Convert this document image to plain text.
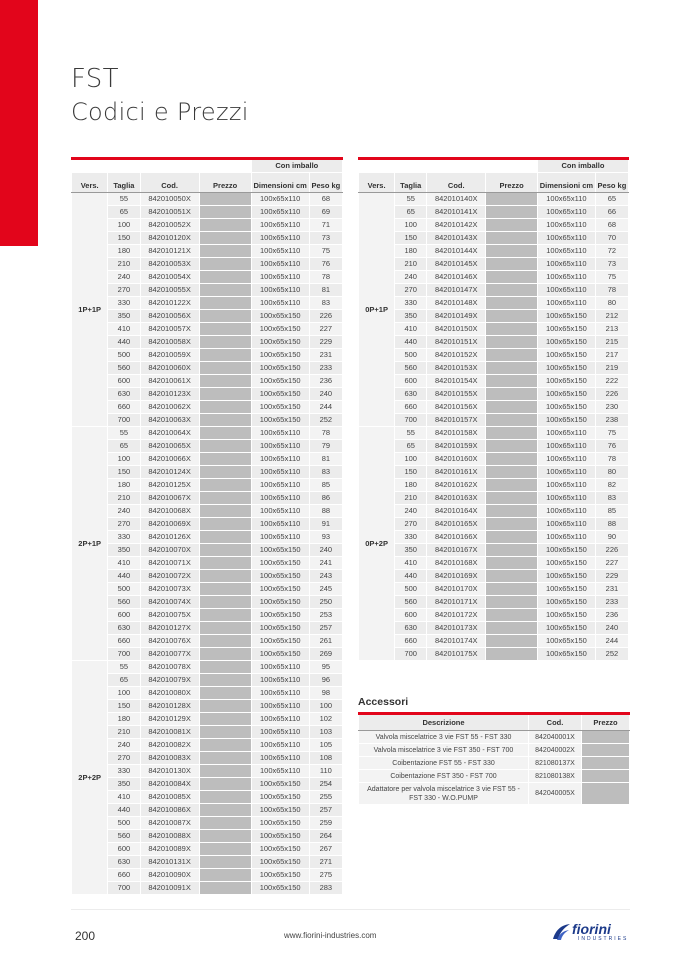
FST
Codici e Prezzi
				Con imballo	
Vers.	Taglia	Cod.	Prezzo	Dimensioni cm	Peso kg
1P+1P	55	842010050X		100x65x110	68
	65	842010051X		100x65x110	69
	100	842010052X		100x65x110	71
	150	842010120X		100x65x110	73
	180	842010121X		100x65x110	75
	210	842010053X		100x65x110	76
	240	842010054X		100x65x110	78
	270	842010055X		100x65x110	81
	330	842010122X		100x65x110	83
	350	842010056X		100x65x150	226
	410	842010057X		100x65x150	227
	440	842010058X		100x65x150	229
	500	842010059X		100x65x150	231
	560	842010060X		100x65x150	233
	600	842010061X		100x65x150	236
	630	842010123X		100x65x150	240
	660	842010062X		100x65x150	244
	700	842010063X		100x65x150	252
2P+1P	55	842010064X		100x65x110	78
	65	842010065X		100x65x110	79
	100	842010066X		100x65x110	81
	150	842010124X		100x65x110	83
	180	842010125X		100x65x110	85
	210	842010067X		100x65x110	86
	240	842010068X		100x65x110	88
	270	842010069X		100x65x110	91
	330	842010126X		100x65x110	93
	350	842010070X		100x65x150	240
	410	842010071X		100x65x150	241
	440	842010072X		100x65x150	243
	500	842010073X		100x65x150	245
	560	842010074X		100x65x150	250
	600	842010075X		100x65x150	253
	630	842010127X		100x65x150	257
	660	842010076X		100x65x150	261
	700	842010077X		100x65x150	269
2P+2P	55	842010078X		100x65x110	95
	65	842010079X		100x65x110	96
	100	842010080X		100x65x110	98
	150	842010128X		100x65x110	100
	180	842010129X		100x65x110	102
	210	842010081X		100x65x110	103
	240	842010082X		100x65x110	105
	270	842010083X		100x65x110	108
	330	842010130X		100x65x110	110
	350	842010084X		100x65x150	254
	410	842010085X		100x65x150	255
	440	842010086X		100x65x150	257
	500	842010087X		100x65x150	259
	560	842010088X		100x65x150	264
	600	842010089X		100x65x150	267
	630	842010131X		100x65x150	271
	660	842010090X		100x65x150	275
	700	842010091X		100x65x150	283
				Con imballo	
Vers.	Taglia	Cod.	Prezzo	Dimensioni cm	Peso kg
0P+1P	55	842010140X		100x65x110	65
	65	842010141X		100x65x110	66
	100	842010142X		100x65x110	68
	150	842010143X		100x65x110	70
	180	842010144X		100x65x110	72
	210	842010145X		100x65x110	73
	240	842010146X		100x65x110	75
	270	842010147X		100x65x110	78
	330	842010148X		100x65x110	80
	350	842010149X		100x65x150	212
	410	842010150X		100x65x150	213
	440	842010151X		100x65x150	215
	500	842010152X		100x65x150	217
	560	842010153X		100x65x150	219
	600	842010154X		100x65x150	222
	630	842010155X		100x65x150	226
	660	842010156X		100x65x150	230
	700	842010157X		100x65x150	238
0P+2P	55	842010158X		100x65x110	75
	65	842010159X		100x65x110	76
	100	842010160X		100x65x110	78
	150	842010161X		100x65x110	80
	180	842010162X		100x65x110	82
	210	842010163X		100x65x110	83
	240	842010164X		100x65x110	85
	270	842010165X		100x65x110	88
	330	842010166X		100x65x110	90
	350	842010167X		100x65x150	226
	410	842010168X		100x65x150	227
	440	842010169X		100x65x150	229
	500	842010170X		100x65x150	231
	560	842010171X		100x65x150	233
	600	842010172X		100x65x150	236
	630	842010173X		100x65x150	240
	660	842010174X		100x65x150	244
	700	842010175X		100x65x150	252
Accessori
Descrizione	Cod.	Prezzo
Valvola miscelatrice 3 vie FST 55 - FST 330	842040001X	
Valvola miscelatrice 3 vie FST 350 - FST 700	842040002X	
Coibentazione FST 55 - FST 330	821080137X	
Coibentazione FST 350 - FST 700	821080138X	
Adattatore per valvola miscelatrice 3 vie FST 55 - FST 330 - W.O.PUMP	842040005X	
200	www.fiorini-industries.com	fiorini
INDUSTRIES
